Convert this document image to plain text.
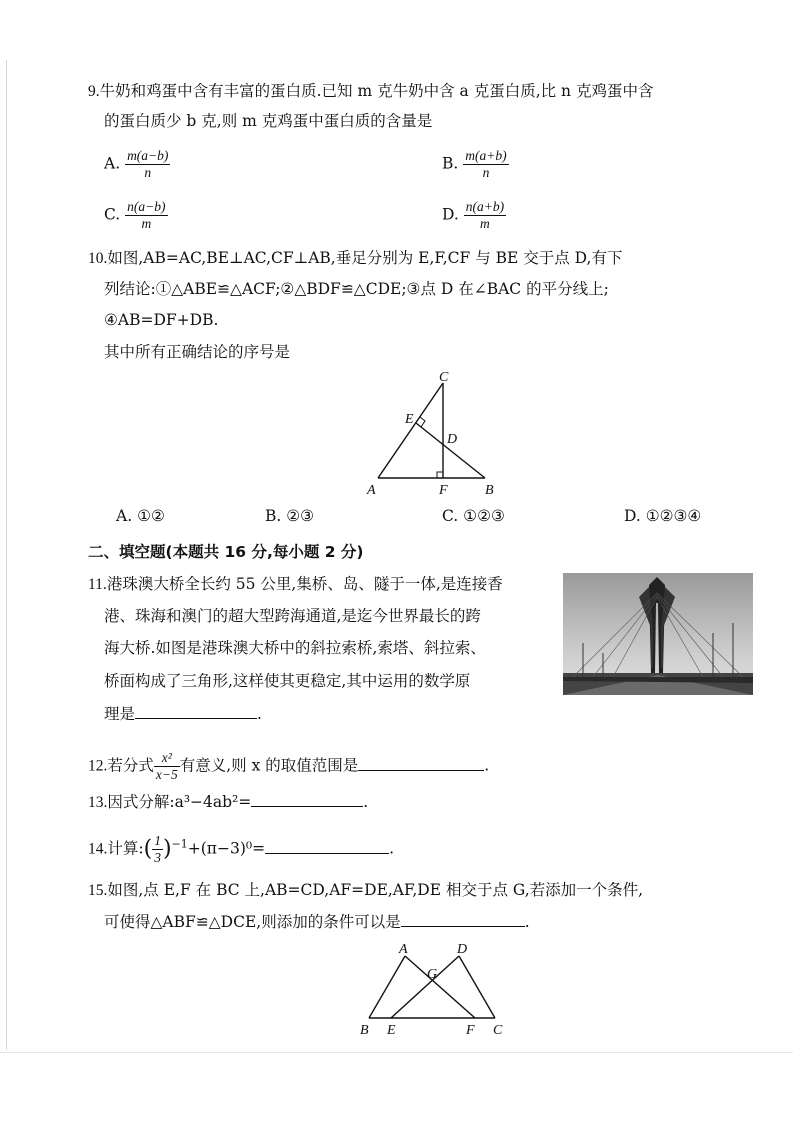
9.牛奶和鸡蛋中含有丰富的蛋白质.已知 m 克牛奶中含 a 克蛋白质,比 n 克鸡蛋中含
的蛋白质少 b 克,则 m 克鸡蛋中蛋白质的含量是
A. $\frac{m(a-b)}{n}$	B. $\frac{m(a+b)}{n}$
C. $\frac{n(a-b)}{m}$	D. $\frac{n(a+b)}{m}$
10.如图,AB=AC,BE⊥AC,CF⊥AB,垂足分别为 E,F,CF 与 BE 交于点 D,有下
列结论:①△ABE≌△ACF;②△BDF≌△CDE;③点 D 在∠BAC 的平分线上;
④AB=DF+DB.
其中所有正确结论的序号是
C
E
D
A	F	B
A. ①②	B. ②③	C. ①②③	D. ①②③④
二、填空题(本题共 16 分,每小题 2 分)
11.港珠澳大桥全长约 55 公里,集桥、岛、隧于一体,是连接香
港、珠海和澳门的超大型跨海通道,是迄今世界最长的跨
海大桥.如图是港珠澳大桥中的斜拉索桥,索塔、斜拉索、
桥面构成了三角形,这样使其更稳定,其中运用的数学原
理是	.
12.若分式 $\frac{\text{x²}}{x-5}$ 有意义,则 x 的取值范围是	.
13.因式分解:a³−4ab²=	.
14.计算:( $\frac{1}{3} )^{-1}+(\pi-3)^0=$	.
15.如图,点 E,F 在 BC 上,AB=CD,AF=DE,AF,DE 相交于点 G,若添加一个条件,
可使得△ABF≌△DCE,则添加的条件可以是	.
A	D
G
B E	F C
